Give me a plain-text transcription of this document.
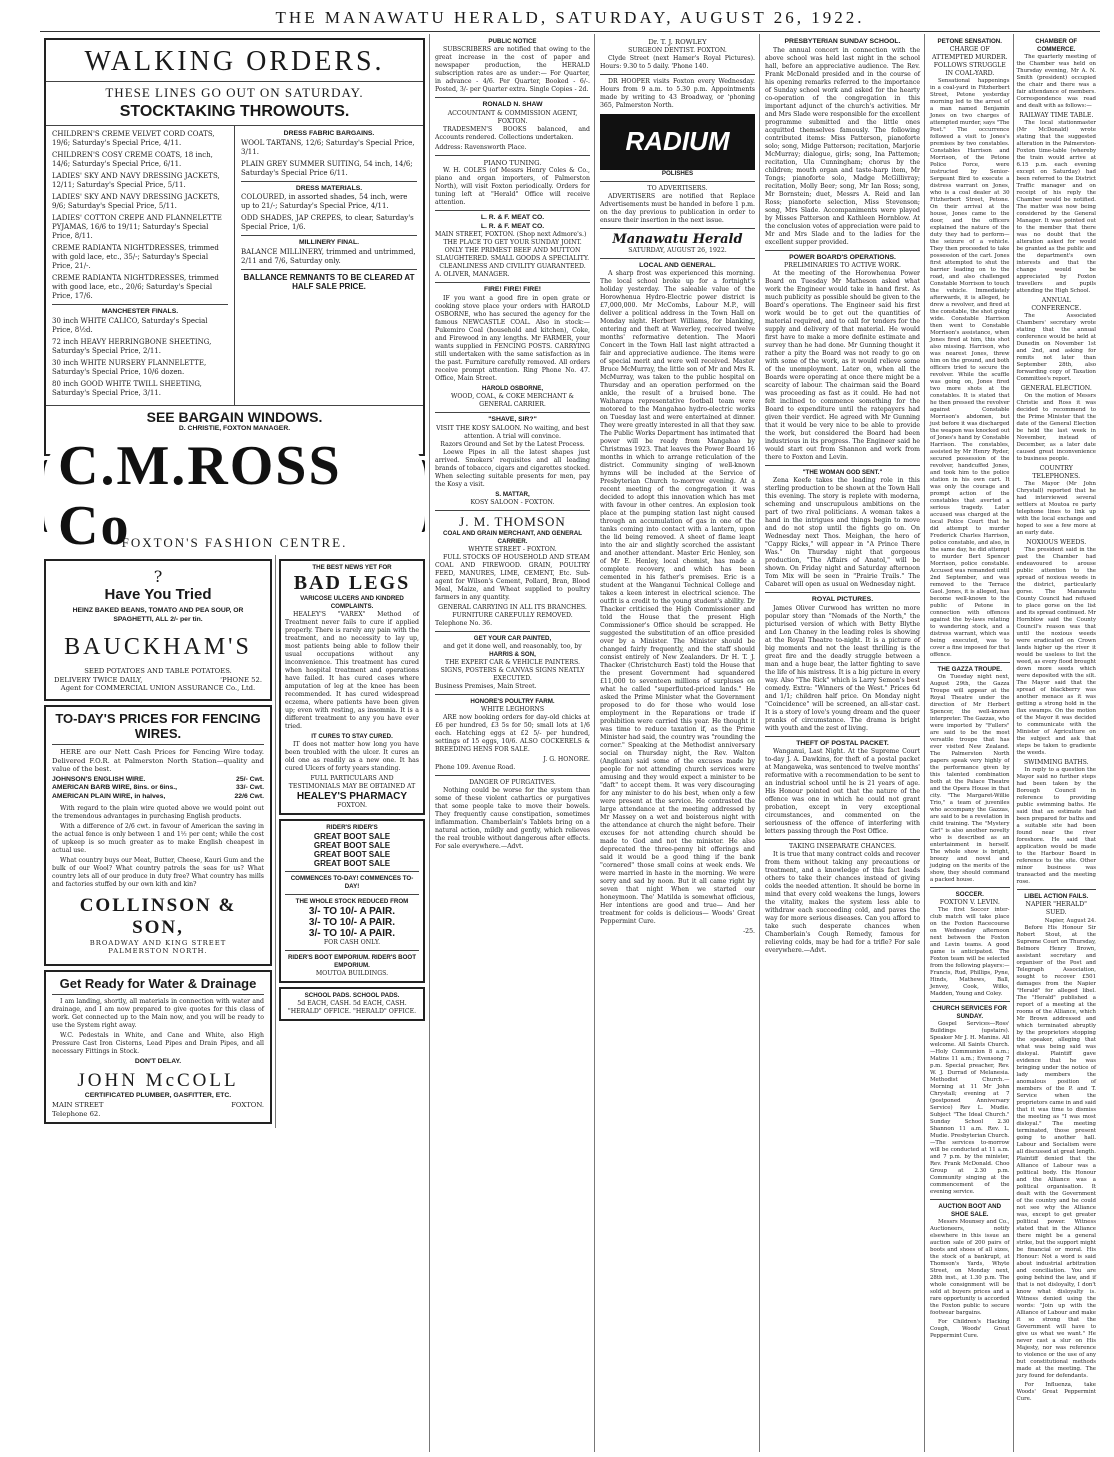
THE MANAWATU HERALD, SATURDAY, AUGUST 26, 1922.
WALKING ORDERS.
THESE LINES GO OUT ON SATURDAY.
STOCKTAKING THROWOUTS.
CHILDREN'S CREME VELVET CORD COATS, 19/6; Saturday's Special Price, 4/11.
CHILDREN'S COSY CREME COATS, 18 inch, 14/6; Saturday's Special Price, 6/11.
LADIES' SKY AND NAVY DRESSING JACKETS, 12/11; Saturday's Special Price, 5/11.
LADIES' SKY AND NAVY DRESSING JACKETS, 9/6; Saturday's Special Price, 5/11.
LADIES' COTTON CREPE AND FLANNELETTE PYJAMAS, 16/6 to 19/11; Saturday's Special Price, 8/11.
CREME RADIANTA NIGHTDRESSES, trimmed with gold lace, etc., 35/-; Saturday's Special Price, 21/-.
CREME RADIANTA NIGHTDRESSES, trimmed with good lace, etc., 20/6; Saturday's Special Price, 17/6.
MANCHESTER FINALS.
30 inch WHITE CALICO, Saturday's Special Price, 8½d.
72 inch HEAVY HERRINGBONE SHEETING, Saturday's Special Price, 2/11.
30 inch WHITE NURSERY FLANNELETTE, Saturday's Special Price, 10/6 dozen.
80 inch GOOD WHITE TWILL SHEETING, Saturday's Special Price, 3/11.
DRESS FABRIC BARGAINS.
WOOL TARTANS, 12/6; Saturday's Special Price, 3/11.
PLAIN GREY SUMMER SUITING, 54 inch, 14/6; Saturday's Special Price 6/11.
DRESS MATERIALS.
COLOURED, in assorted shades, 54 inch, were up to 21/-; Saturday's Special Price, 4/11.
ODD SHADES, JAP CREPES, to clear, Saturday's Special Price, 1/6.
MILLINERY FINAL.
BALANCE MILLINERY, trimmed and untrimmed, 2/11 and 7/6, Saturday only.
BALLANCE REMNANTS TO BE CLEARED AT HALF SALE PRICE.
SEE BARGAIN WINDOWS.
D. CHRISTIE, FOXTON MANAGER.
C.M.ROSS Co
FOXTON'S FASHION CENTRE.
?
Have You Tried
HEINZ BAKED BEANS, TOMATO AND PEA SOUP, OR SPAGHETTI, ALL 2/- per tin.
BAUCKHAM'S
SEED POTATOES AND TABLE POTATOES.
DELIVERY TWICE DAILY,	'PHONE 52.
Agent for COMMERCIAL UNION ASSURANCE Co., Ltd.
TO-DAY'S PRICES FOR FENCING WIRES.
HERE are our Nett Cash Prices for Fencing Wire today. Delivered F.O.R. at Palmerston North Station—quality and value of the best.
JOHNSON'S ENGLISH WIRE.	25/- Cwt.
AMERICAN BARB WIRE, 8ins. or 6ins.,	33/- Cwt.
AMERICAN PLAIN WIRE, in halves,	22/6 Cwt.
With regard to the plain wire quoted above we would point out the tremendous advantages in purchasing English products.
With a difference of 2/6 cwt. in favour of American the saving in the actual fence is only between 1 and 1½ per cent; while the cost of upkeep is so much greater as to make English cheapest in actual use.
What country buys our Meat, Butter, Cheese, Kauri Gum and the bulk of our Wool? What country patrols the seas for us? What country lets all of our produce in duty free? What country has mills and factories stuffed by our own kith and kin?
COLLINSON & SON,
BROADWAY AND KING STREET
PALMERSTON NORTH.
Get Ready for Water & Drainage
I am landing, shortly, all materials in connection with water and drainage, and I am now prepared to give quotes for this class of work. Get connected up to the Main now, and you will be ready to use the System right away.
W.C. Pedestals in White, and Cane and White, also High Pressure Cast Iron Cisterns, Lead Pipes and Drain Pipes, and all necessary Fittings in Stock.
DON'T DELAY.
JOHN McCOLL
CERTIFICATED PLUMBER, GASFITTER, ETC.
MAIN STREET	FOXTON.
Telephone 62.
THE BEST NEWS YET FOR
BAD LEGS
VARICOSE ULCERS AND KINDRED COMPLAINTS.
HEALEY'S "VAREX" Method of Treatment never fails to cure if applied properly. There is rarely any pain with the treatment, and no necessity to lay up, most patients being able to follow their usual occupations without any inconvenience. This treatment has cured when hospital treatment and operations have failed. It has cured cases where amputation of leg at the knee has been recommended. It has cured widespread eczema, where patients have been given up; even with resting, as insomnia. It is a different treatment to any you have ever tried.
IT CURES TO STAY CURED.
IT does not matter how long you have been troubled with the ulcer. It cures an old one as readily as a new one. It has cured Ulcers of forty years standing.
FULL PARTICULARS AND TESTIMONIALS MAY BE OBTAINED AT
HEALEY'S PHARMACY
FOXTON.
RIDER'S RIDER'S
GREAT BOOT SALE
GREAT BOOT SALE
GREAT BOOT SALE
GREAT BOOT SALE
COMMENCES TO-DAY! COMMENCES TO-DAY!
THE WHOLE STOCK REDUCED FROM
3/- TO 10/- A PAIR.
3/- TO 10/- A PAIR.
3/- TO 10/- A PAIR.
FOR CASH ONLY.
RIDER'S BOOT EMPORIUM. RIDER'S BOOT EMPORIUM.
MOUTOA BUILDINGS.
SCHOOL PADS. SCHOOL PADS.
5d EACH, CASH. 5d EACH, CASH.
"HERALD" OFFICE. "HERALD" OFFICE.
PUBLIC NOTICE
SUBSCRIBERS are notified that owing to the great increase in the cost of paper and newspaper production, the HERALD subscription rates are as under:— For Quarter, in advance - 4/6. Per Quarter, Booked - 6/-. Posted, 3/- per Quarter extra. Single Copies - 2d.
RONALD N. SHAW
ACCOUNTANT & COMMISSION AGENT, FOXTON.
TRADESMEN'S BOOKS balanced, and Accounts rendered. Collections undertaken.
Address: Ravensworth Place.
PIANO TUNING.
W. H. COLES (of Messrs Henry Coles & Co., piano and organ importers, of Palmerston North), will visit Foxton periodically. Orders for tuning left at "Herald" Office will receive attention.
L. R. & F. MEAT CO.
L. R. & F. MEAT CO.
MAIN STREET, FOXTON. (Shop next Admore's.)
THE PLACE TO GET YOUR SUNDAY JOINT. ONLY THE PRIMEST BEEF AND MUTTON SLAUGHTERED. SMALL GOODS A SPECIALITY. CLEANLINESS AND CIVILITY GUARANTEED.
A. OLIVER, MANAGER.
FIRE! FIRE! FIRE!
IF you want a good fire in open grate or cooking stove place your orders with HAROLD OSBORNE, who has secured the agency for the famous NEWCASTLE COAL. Also in stock:—Pukemiro Coal (household and kitchen), Coke, and Firewood in any lengths. Mr FARMER, your wants supplied in FENCING POSTS. CARRYING still undertaken with the same satisfaction as in the past. Furniture carefully removed. All orders receive prompt attention. Ring Phone No. 47. Office, Main Street.
HAROLD OSBORNE,
WOOD, COAL, & COKE MERCHANT & GENERAL CARRIER.
"SHAVE, SIR?"
VISIT THE KOSY SALOON. No waiting, and best attention. A trial will convince.
Razors Ground and Set by the Latest Process.
Loewe Pipes in all the latest shapes just arrived. Smokers' requisites and all leading brands of tobacco, cigars and cigarettes stocked. When selecting suitable presents for men, pay the Kosy a visit.
S. MATTAR,
KOSY SALOON - FOXTON.
J. M. THOMSON
COAL AND GRAIN MERCHANT, AND GENERAL CARRIER.
WHYTE STREET - FOXTON.
FULL STOCKS OF HOUSEHOLD AND STEAM COAL AND FIREWOOD. GRAIN, POULTRY FEED, MANURES, LIME, CEMENT, Etc. Sub-agent for Wilson's Cement, Pollard, Bran, Blood Meal, Maize, and Wheat supplied to poultry farmers in any quantity.
GENERAL CARRYING IN ALL ITS BRANCHES. FURNITURE CAREFULLY REMOVED.
Telephone No. 36.
GET YOUR CAR PAINTED,
and get it done well, and reasonably, too, by
HARRIS & SON,
THE EXPERT CAR & VEHICLE PAINTERS.
SIGNS, POSTERS & CANVAS SIGNS NEATLY EXECUTED.
Business Premises, Main Street.
HONORE'S POULTRY FARM.
WHITE LEGHORNS
ARE now booking orders for day-old chicks at £6 per hundred, £3 5s for 50; small lots at 1/6 each. Hatching eggs at £2 5/- per hundred, settings of 15 eggs, 10/6. ALSO COCKERELS & BREEDING HENS FOR SALE.
J. G. HONORE.
Phone 109. Avenue Road.
DANGER OF PURGATIVES.
Nothing could be worse for the system than some of these violent cathartics or purgatives that some people take to move their bowels. They frequently cause constipation, sometimes inflammation. Chamberlain's Tablets bring on a natural action, mildly and gently, which relieves the real trouble without dangerous after effects. For sale everywhere.—Advt.
Dr. T. J. ROWLEY
SURGEON DENTIST. FOXTON.
Clyde Street (next Hamer's Royal Pictures). Hours: 9.30 to 5 daily. 'Phone 140.
DR HOOPER visits Foxton every Wednesday. Hours from 9 a.m. to 5.30 p.m. Appointments made by writing to 43 Broadway, or 'phoning 365, Palmerston North.
RADIUM
POLISHES
TO ADVERTISERS.
ADVERTISERS are notified that Replace Advertisements must be handed in before 1 p.m. on the day previous to publication in order to ensure their insertion in the next issue.
Manawatu Herald
SATURDAY, AUGUST 26, 1922.
LOCAL AND GENERAL.
A sharp frost was experienced this morning. The local school broke up for a fortnight's holiday yesterday. The saleable value of the Horowhenua Hydro-Electric power district is £7,000,000. Mr McCombs, Labour M.P., will deliver a political address in the Town Hall on Monday night. Herbert Williams, for blanking, entering and theft at Waverley, received twelve months' reformative detention. The Maori Concert in the Town Hall last night attracted a fair and appreciative audience. The items were of special merit and were well received. Master Bruce McMurray, the little son of Mr and Mrs R. McMurray, was taken to the public hospital on Thursday and an operation performed on the ankle, the result of a bruised bone. The Waiharapa representative football team were motored to the Mangahao hydro-electric works on Tuesday last and were entertained at dinner. They were greatly interested in all that they saw. The Public Works Department has intimated that power will be ready from Mangahao by Christmas 1923. That leaves the Power Board 16 months in which to arrange reticulation of the district. Community singing of well-known hymns will be included at the Service of Presbyterian Church to-morrow evening. At a recent meeting of the congregation it was decided to adopt this innovation which has met with favour in other centres. An explosion took place at the pumping station last night caused through an accumulation of gas in one of the tanks coming into contact with a lantern, upon the lid being removed. A sheet of flame leapt into the air and slightly scorched the assistant and another attendant. Master Eric Henley, son of Mr E. Henley, local chemist, has made a complete recovery, and which has been cemented in his father's premises. Eric is a student at the Wanganui Technical College and takes a keen interest in electrical science. The outfit is a credit to the young student's ability. Dr Thacker criticised the High Commissioner and told the House that the present High Commissioner's Office should be scrapped. He suggested the substitution of an office presided over by a Minister. The Minister should be changed fairly frequently, and the staff should consist entirely of New Zealanders. Dr H. T. J. Thacker (Christchurch East) told the House that the present Government had squandered £11,000 to seventeen millions of surpluses on what he called "superfluted-priced lands." He asked the Prime Minister what the Government proposed to do for those who would lose employment in the Reparations or trade if prohibition were carried this year. He thought it was time to reduce taxation if, as the Prime Minister had said, the country was "rounding the corner." Speaking at the Methodist anniversary social on Thursday night, the Rev. Walton (Anglican) said some of the excuses made by people for not attending church services were amusing and they would expect a minister to be "daft" to accept them. It was very discouraging for any minister to do his best, when only a few were present at the service. He contrasted the large attendance at the meeting addressed by Mr Massey on a wet and boisterous night with the attendance at church the night before. Their excuses for not attending church should be made to God and not the minister. He also deprecated the three-penny bit offerings and said it would be a good thing if the bank "cornered" those small coins at week ends. We were married in haste in the morning. We were sorry and sad by noon. But it all came right by seven that night When we started our honeymoon. The' Matilda is somewhat officious, Her intentions are good and true— And her treatment for colds is delicious— Woods' Great Peppermint Cure.
-25.
PRESBYTERIAN SUNDAY SCHOOL.
The annual concert in connection with the above school was held last night in the school hall, before an appreciative audience. The Rev. Frank McDonald presided and in the course of his opening remarks referred to the importance of Sunday school work and asked for the hearty co-operation of the congregation in this important adjunct of the church's activities. Mr and Mrs Slade were responsible for the excellent programme submitted and the little ones acquitted themselves famously. The following contributed items: Miss Patterson, pianoforte solo; song, Midge Patterson; recitation, Marjorie McMurray; dialogue, girls; song, Ina Pattemon; recitation, Ula Cunningham; chorus by the children; mouth organ and taste-harp item, Mr Tongs; pianoforte solo, Madge McGillivray; recitation, Molly Beer; song, Mr Ian Ross; song, Mr Bornstein; duet, Messrs A. Reid and Ian Ross; pianoforte selection, Miss Stevenson; song, Mrs Slade. Accompaniments were played by Misses Patterson and Kathleen Hornblow. At the conclusion votes of appreciation were paid to Mr and Mrs Slade and to the ladies for the excellent supper provided.
POWER BOARD'S OPERATIONS.
PRELIMINARIES TO ACTIVE WORK.
At the meeting of the Horowhenua Power Board on Tuesday Mr Matheson asked what work the Engineer would take in hand first. As much publicity as possible should be given to the Board's operations. The Engineer said his first work would be to get out the quantities of material required, and to call for tenders for the supply and delivery of that material. He would first have to make a more definite estimate and survey than he had done. Mr Gunning thought it rather a pity the Board was not ready to go on with some of the work, as it would relieve some of the unemployment. Later on, when all the Boards were operating at once there might be a scarcity of labour. The chairman said the Board was proceeding as fast as it could. He had not felt inclined to commence something for the Board to expenditure until the ratepayers had given their verdict. He agreed with Mr Gunning that it would be very nice to be able to provide the work, but considered the Board had been industrious in its progress. The Engineer said he would start out from Shannon and work from there to Foxton and Levin.
"THE WOMAN GOD SENT."
Zena Keefe takes the leading role in this sterling production to be shown at the Town Hall this evening. The story is replete with moderna, scheming and unscrupulous ambitions on the part of two rival politicians. A woman takes a hand in the intrigues and things begin to move and do not stop until the fights go on. On Wednesday next Thos. Meighan, the hero of "Cappy Ricks," will appear in "A Prince There Was." On Thursday night that gorgeous production, "The Affairs of Anatol," will be shown. On Friday night and Saturday afternoon Tom Mix will be seen in "Prairie Trails." The Cabaret will open as usual on Wednesday night.
ROYAL PICTURES.
James Oliver Curwood has written no more popular story than "Nomads of the North," the picturised version of which with Betty Blythe and Lon Chaney in the leading roles is showing at the Royal Theatre to-night. It is a picture of big moments and not the least thrilling is the great fire and the deadly struggle between a man and a huge bear, the latter fighting to save the life of his mistress. It is a big picture in every way. Also "The Rick" which is Larry Semon's best comedy. Extra: "Winners of the West." Prices 6d and 1/1; children half price. On Monday night "Coincidence" will be screened, an all-star cast. It is a story of love's young dream and the queer pranks of circumstance. The drama is bright with youth and the zest of living.
THEFT OF POSTAL PACKET.
Wanganui, Last Night. At the Supreme Court to-day J. A. Dawkins, for theft of a postal packet at Mangaweka, was sentenced to twelve months' reformative with a recommendation to be sent to an industrial school until he is 21 years of age. His Honour pointed out that the nature of the offence was one in which he could not grant probation, except in very exceptional circumstances, and commented on the seriousness of the offence of interfering with letters passing through the Post Office.
TAKING INSEPARATE CHANCES.
It is true that many contract colds and recover from them without taking any precautions or treatment, and a knowledge of this fact leads others to take their chances instead of giving colds the needed attention. It should be borne in mind that every cold weakens the lungs, lowers the vitality, makes the system less able to withdraw each succeeding cold, and paves the way for more serious diseases. Can you afford to take such desperate chances when Chamberlain's Cough Remedy, famous for relieving colds, may be had for a trifle? For sale everywhere.—Advt.
PETONE SENSATION.
CHARGE OF ATTEMPTED MURDER.
FOLLOWS STRUGGLE IN COAL-YARD.
Sensational happenings in a coal-yard in Fitzherbert Street, Petone yesterday morning led to the arrest of a man named Benjamin Jones on two charges of attempted murder, says "The Post." The occurrence followed a visit to Jones's premises by two constables. Constables Harrison and Morrison, of the Petone Police Force, were instructed by Senior-Sergeant Bird to execute a distress warrant on Jones, who is a coal dealer at 30 Fitzherbert Street, Petone. On their arrival at the house, Jones came to the door, and the officers explained the nature of the duty they had to perform—the seizure of a vehicle. They then proceeded to take possession of the cart. Jones first attempted to shut the barrier leading on to the road, and also challenged Constable Morrison to touch the vehicle. Immediately afterwards, it is alleged, he drew a revolver, and fired at the constable, the shot going wide. Constable Harrison then went to Constable Morrison's assistance, when Jones fired at him, this shot also missing. Harrison, who was nearest Jones, threw him on the ground, and both officers tried to secure the revolver. While the scuffle was going on, Jones fired two more shots at the constables. It is stated that he then pressed the revolver against Constable Morrison's abdomen, but just before it was discharged the weapon was knocked out of Jones's hand by Constable Harrison. The constables, assisted by Mr Henry Ryder, secured possession of the revolver, handcuffed Jones, and took him to the police station in his own cart. It was only the courage and prompt action of the constables that averted a serious tragedy. Later accused was charged at the local Police Court that he did attempt to murder Frederick Charles Harrison, police constable, and also, in the same day, he did attempt to murder Bert Spencer Morrison, police constable. Accused was remanded until 2nd September, and was removed to the Terrace Gaol. Jones, it is alleged, has become well-known to the public of Petone in connection with offences against the by-laws relating to wandering stock, and a distress warrant, which was being executed, was to cover a fine imposed for that offence.
THE GAZZA TROUPE.
On Tuesday night next, August 29th, the Gazza Troupe will appear at the Royal Theatre under the direction of Mr Herbert Spencer, the well-known interpreter. The Gazzas, who were imported by "Fullers" are said to be the most versatile troupe that has ever visited New Zealand. The Palmerston North papers speak very highly of the performance given by this talented combination both at the Palace Theatre and the Opera House in that city. "The Margaret-Willie Trio," a team of juveniles who accompany the Gazzas, are said to be a revelation in child training. The "Mystery Girl" is also another novelty who is described as an entertainment in herself. The whole show is bright, breezy and novel and judging on the merits of the show, they should command a packed house.
SOCCER.
FOXTON V. LEVIN.
The first Soccer inter-club match will take place on the Foxton Racecourse on Wednesday afternoon next between the Foxton and Levin teams. A good game is anticipated. The Foxton team will be selected from the following players:—Francis, Rud, Phillips, Pyne, Hinds, Mathews, Ball, Jenvey, Cook, Wilks, Madden, Young and Coley.
CHURCH SERVICES FOR SUNDAY.
Gospel Services—Ross' Buildings (upstairs). Speaker Mr J. H. Manins. All welcome. All Saints Church.—Holy Communion 8 a.m.; Matins 11 a.m.; Evensong 7 p.m. Special preacher, Rev. W. J. Durrad of Melanesia. Methodist Church.—Morning at 11 Mr John Chrystall; evening at 7 (postponed Anniversary Service) Rev L. Mudie. Subject "The Ideal Church." Sunday School 2.30 Shannon 11 a.m. Rev. L. Mudie. Presbyterian Church.—The services to-morrow will be conducted at 11 a.m. and 7 p.m. by the minister, Rev. Frank McDonald. Choo Group at 2.30 p.m. Community singing at the commencement of the evening service.
AUCTION BOOT AND SHOE SALE.
Messrs Mounsey and Co., Auctioneers, notify elsewhere in this issue an auction sale of 200 pairs of boots and shoes of all sizes, the stock of a bankrupt, at Thomson's Yards, Whyte Street, on Monday next, 28th inst., at 1.30 p.m. The whole consignment will be sold at buyers prices and a rare opportunity is accorded the Foxton public to secure footwear bargains.
For Children's Hacking Cough, Woods' Great Peppermint Cure.
CHAMBER OF COMMERCE.
The quarterly meeting of the Chamber was held on Thursday evening, Mr A. N. Smith (president) occupied the chair and there was a fair attendance of members. Correspondence was read and dealt with as follows:—
RAILWAY TIME TABLE.
The local stationmaster (Mr McDonald) wrote stating that the suggested alteration in the Palmerston-Foxton time-table (whereby the train would arrive at 6.15 p.m. each evening except on Saturday) had been referred to the District Traffic manager and on receipt of his reply the Chamber would be notified. The matter was now being considered by the General Manager. It was pointed out to the member that there was no doubt that the alteration asked for would be granted as the public and the department's own interests and that the change would be appreciated by Foxton travellers and pupils attending the High School.
ANNUAL CONFERENCE.
The Associated Chambers' secretary wrote stating that the annual conference would be held at Dunedin on November 1st and 2nd, and asking for remits not later than September 28th, also forwarding copy of Taxation Committee's report.
GENERAL ELECTION.
On the motion of Messrs Christie and Ross it was decided to recommend to the Prime Minister that the date of the General Election be held the last week in November, instead of December, as a later date caused great inconvenience to business people.
COUNTRY TELEPHONES.
The Mayor (Mr John Chrystall) reported that he had interviewed several settlers at Moutoa re party telephone lines to link up with the local exchange and hoped to see a few more at an early date.
NOXIOUS WEEDS.
The president said in the past the Chamber had endeavoured to arouse public attention to the spread of noxious weeds in the district, particularly gorse. The Manawatu County Council had refused to place gorse on the list and its spread continued. Mr Hornblow said the County Council's reason was that until the noxious weeds were eradicated on Crown lands higher up the river it would be useless to list the weed, as every flood brought down more seeds which were deposited with the silt. The Mayor said that the spread of blackberry was another menace as it was getting a strong hold in the flax swamps. On the motion of the Mayor it was decided to communicate with the Minister of Agriculture on the subject and ask that steps be taken to gradiente the weeds.
SWIMMING BATHS.
In reply to a question the Mayor said no further steps had been taken by the Borough Council in reference to providing public swimming baths. He said that an estimate had been prepared for baths and a suitable site had been found near the river foreshore. He said that application would be made to the Harbour Board in reference to the site. Other minor business was transacted and the meeting rose.
LIBEL ACTION FAILS.
NAPIER "HERALD" SUED.
Napier, August 24.
Before His Honour Sir Robert Stout, at the Supreme Court on Thursday, Belmore Henry Brown, assistant secretary and organiser of the Post and Telegraph Association, sought to recover £501 damages from the Napier "Herald" for alleged libel. The "Herald" published a report of a meeting at the rooms of the Alliance, which Mr Brown addressed and which terminated abruptly by the proprietors stopping the speaker, alleging that what was being said was disloyal. Plaintiff gave evidence that he was bringing under the notice of lady members the anomalous position of members of the P. and T. Service when the proprietors came in and said that it was time to dismiss the meeting as "I was most disloyal." The meeting terminated, those present going to another hall. Labour and Socialism were all discussed at great length. Plaintiff denied that the Alliance of Labour was a political body. His Honour and the Alliance was a political organisation. It dealt with the Government of the country and he could not see why the Alliance was, except to get greater political power. Witness stated that in the Alliance there might be a general strike, but the support might be financial or moral. His Honour: Not a word is said about industrial arbitration and conciliation. You are going behind the law, and if that is not disloyalty, I don't know what disloyalty is. Witness denied using the words: "Join up with the Alliance of Labour and make it so strong that the Government will have to give us what we want." He never cast a slur on His Majesty, nor was reference to violence or the use of any but constitutional methods made at the meeting. The jury found for defendants.
For Influenza, take Woods' Great Peppermint Cure.
